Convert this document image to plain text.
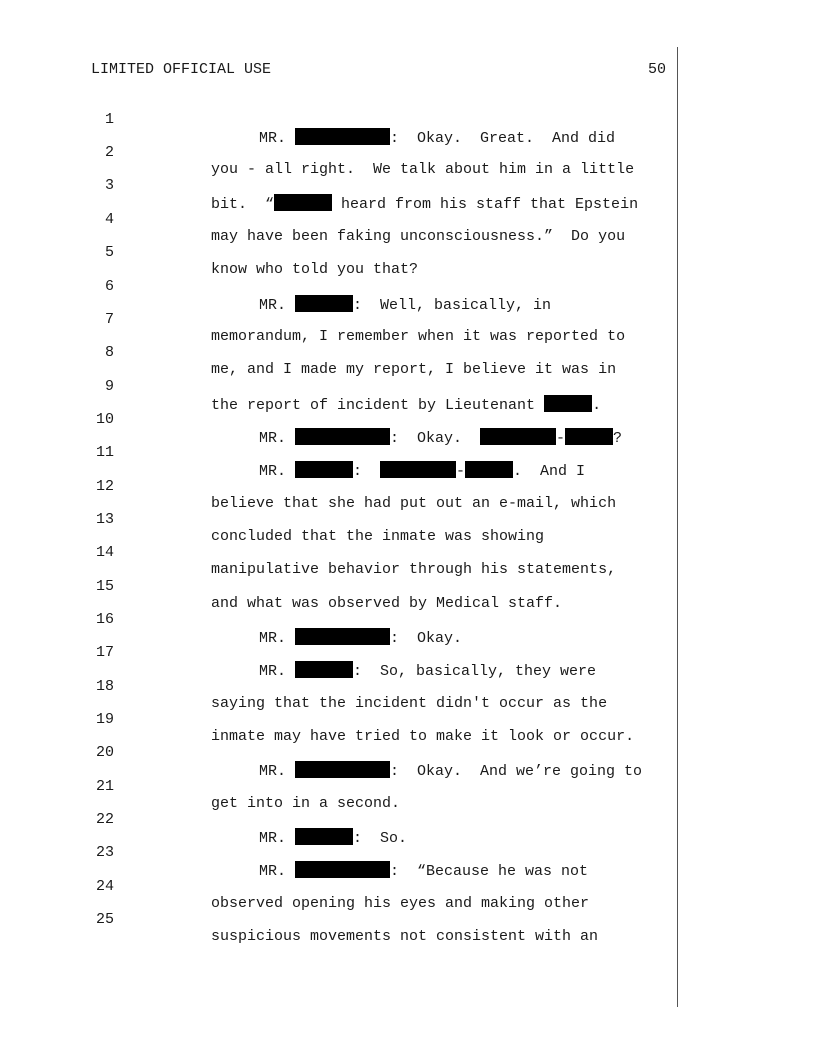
LIMITED OFFICIAL USE	50

1

MR.	:  Okay.  Great.  And did

2

you - all right.  We talk about him in a little

3

bit.  “	heard from his staff that Epstein

4

may have been faking unconsciousness.”  Do you

5

know who told you that?

6

MR.	:  Well, basically, in

7

memorandum, I remember when it was reported to

8

me, and I made my report, I believe it was in

9

the report of incident by Lieutenant	.

10

MR.	:  Okay.	-	?

11

MR.	:	-	.  And I

12

believe that she had put out an e-mail, which

13

concluded that the inmate was showing

14

manipulative behavior through his statements,

15

and what was observed by Medical staff.

16

MR.	:  Okay.

17

MR.	:  So, basically, they were

18

saying that the incident didn't occur as the

19

inmate may have tried to make it look or occur.

20

MR.	:  Okay.  And we’re going to

21

get into in a second.

22

MR.	:  So.

23

MR.	:  “Because he was not

24

observed opening his eyes and making other

25

suspicious movements not consistent with an
